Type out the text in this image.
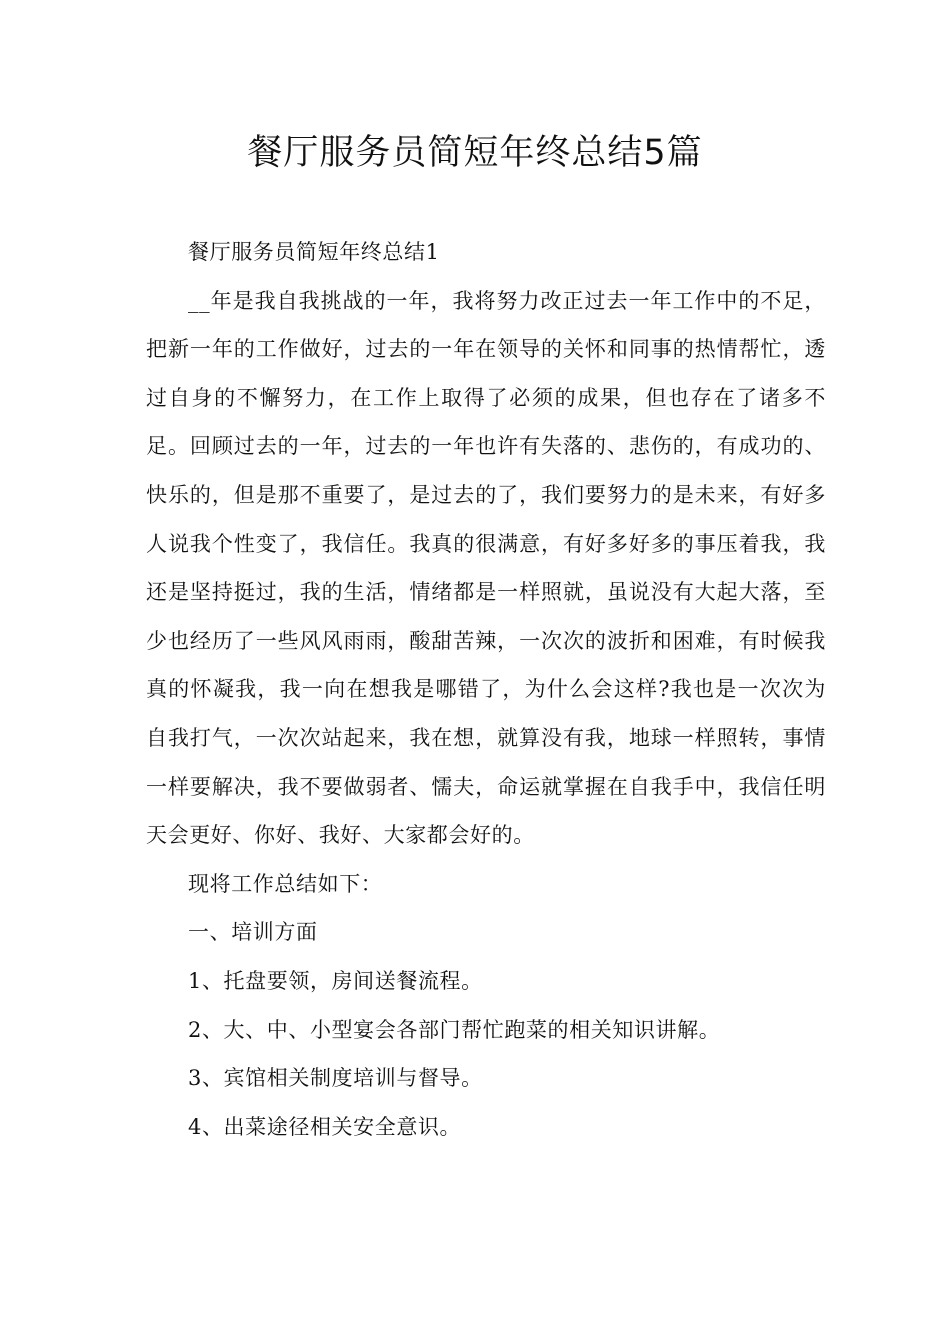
餐厅服务员简短年终总结5篇

餐厅服务员简短年终总结1

__年是我自我挑战的一年，我将努力改正过去一年工作中的不足，把新一年的工作做好，过去的一年在领导的关怀和同事的热情帮忙，透过自身的不懈努力，在工作上取得了必须的成果，但也存在了诸多不足。回顾过去的一年，过去的一年也许有失落的、悲伤的，有成功的、快乐的，但是那不重要了，是过去的了，我们要努力的是未来，有好多人说我个性变了，我信任。我真的很满意，有好多好多的事压着我，我还是坚持挺过，我的生活，情绪都是一样照就，虽说没有大起大落，至少也经历了一些风风雨雨，酸甜苦辣，一次次的波折和困难，有时候我真的怀凝我，我一向在想我是哪错了，为什么会这样?我也是一次次为自我打气，一次次站起来，我在想，就算没有我，地球一样照转，事情一样要解决，我不要做弱者、懦夫，命运就掌握在自我手中，我信任明天会更好、你好、我好、大家都会好的。

现将工作总结如下：

一、培训方面

1、托盘要领，房间送餐流程。

2、大、中、小型宴会各部门帮忙跑菜的相关知识讲解。

3、宾馆相关制度培训与督导。

4、出菜途径相关安全意识。
